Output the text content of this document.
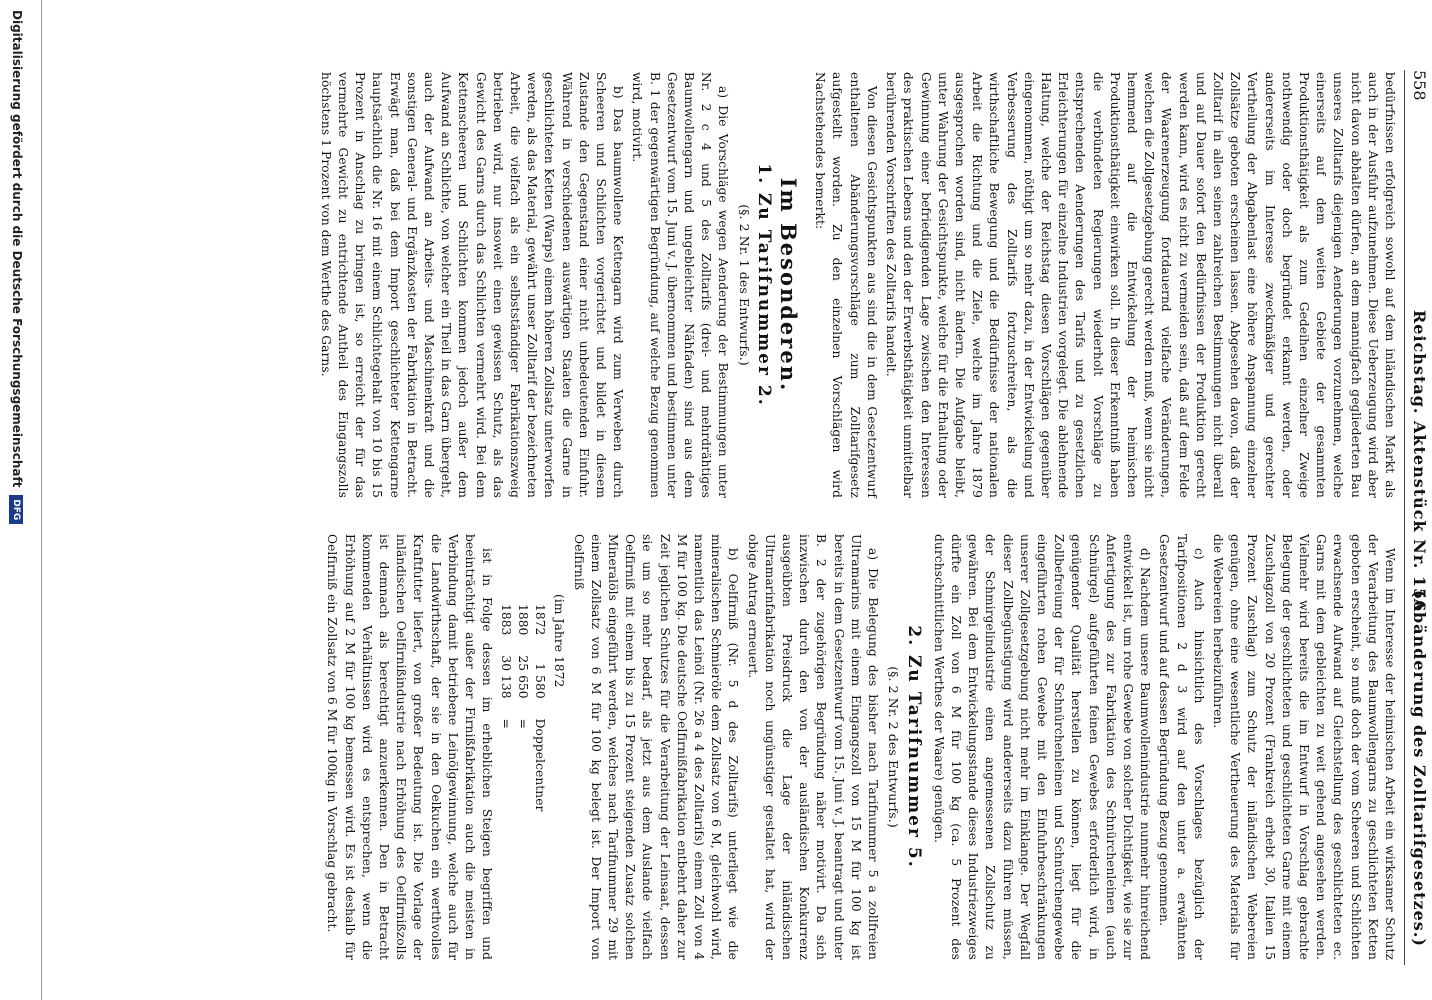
558
Reichstag. Aktenstück Nr. 156.
(Abänderung des Zolltarifgesetzes.)

bedürfnissen erfolgreich sowohl auf dem inländischen Markt als auch in der Ausfuhr aufzunehmen. Diese Ueberzeugung wird aber nicht davon abhalten dürfen, an dem mannigfach gegliederten Bau unseres Zolltarifs diejenigen Aenderungen vorzunehmen, welche einerseits auf dem weiten Gebiete der gesammten Produktionsthätigkeit als zum Gedeihen einzelner Zweige nothwendig oder doch begründet erkannt werden, oder andererseits im Interesse zweckmäßiger und gerechter Vertheilung der Abgabenlast eine höhere Anspannung einzelner Zollsätze geboten erscheinen lassen. Abgesehen davon, daß der Zolltarif in allen seinen zahlreichen Bestimmungen nicht überall und auf Dauer sofort den Bedürfnissen der Produktion gerecht werden kann, wird es nicht zu vermeiden sein, daß auf dem Felde der Waarenerzeugung fortdauernd vielfache Veränderungen, welchen die Zollgesetzgebung gerecht werden muß, wenn sie nicht hemmend auf die Entwickelung der heimischen Produktionsthätigkeit einwirken soll. In dieser Erkenntniß haben die verbündeten Regierungen wiederholt Vorschläge zu entsprechenden Aenderungen des Tarifs und zu gesetzlichen Erleichterungen für einzelne Industrien vorgelegt. Die ablehnende Haltung, welche der Reichstag diesen Vorschlägen gegenüber eingenommen, nöthigt um so mehr dazu, in der Entwickelung und Verbesserung des Zolltarifs fortzuschreiten, als die wirthschaftliche Bewegung und die Bedürfnisse der nationalen Arbeit die Richtung und die Ziele, welche im Jahre 1879 ausgesprochen worden sind, nicht ändern. Die Aufgabe bleibt, unter Wahrung der Gesichtspunkte, welche für die Erhaltung oder Gewinnung einer befriedigenden Lage zwischen den Interessen des praktischen Lebens und den der Erwerbsthätigkeit unmittelbar berührenden Vorschriften des Zolltarifs handelt.

Von diesen Gesichtspunkten aus sind die in dem Gesetzentwurf enthaltenen Abänderungsvorschläge zum Zolltarifgesetz aufgestellt worden. Zu den einzelnen Vorschlägen wird Nachstehendes bemerkt:

Im Besonderen.
1. Zu Tarifnummer 2.
(§. 2 Nr. 1 des Entwurfs.)

a) Die Vorschläge wegen Aenderung der Bestimmungen unter Nr. 2 c 4 und 5 des Zolltarifs (drei- und mehrdrähtiges Baumwollengarn und ungebleichter Nähfaden) sind aus dem Gesetzentwurf vom 15. Juni v. J. übernommen und bestimmen unter B. 1 der gegenwärtigen Begründung, auf welche Bezug genommen wird, motivirt.

b) Das baumwollene Kettengarn wird zum Verweben durch Scheeren und Schlichten vorgerichtet und bildet in diesem Zustande den Gegenstand einer nicht unbedeutenden Einfuhr. Während in verschiedenen auswärtigen Staaten die Garne in geschlichteten Ketten (Warps) einem höheren Zollsatz unterworfen werden, als das Material, gewährt unser Zolltarif der bezeichneten Arbeit, die vielfach als ein selbstständiger Fabrikationszweig betrieben wird, nur insoweit einen gewissen Schutz, als das Gewicht des Garns durch das Schlichten vermehrt wird. Bei dem Kettenscheeren und Schlichten kommen jedoch außer dem Aufwand an Schlichte, von welcher ein Theil in das Garn übergeht, auch der Aufwand an Arbeits- und Maschinenkraft und die sonstigen General- und Ergänzkosten der Fabrikation in Betracht. Erwägt man, daß bei dem Import geschlichteter Kettengarne hauptsächlich die Nr. 16 mit einem Schlichtegehalt von 10 bis 15 Prozent in Anschlag zu bringen ist, so erreicht der für das vermehrte Gewicht zu entrichtende Antheil des Eingangszolls höchstens 1 Prozent von dem Werthe des Garns.

Wenn im Interesse der heimischen Arbeit ein wirksamer Schutz der Verarbeitung des Baumwollengarns zu geschlichteten Ketten geboten erscheint, so muß doch der vom Scheeren und Schlichten erwachsende Aufwand auf Gleichstellung des geschlichteten ec. Garns mit dem gebleichten zu weit gehend angesehen werden. Vielmehr wird bereits die im Entwurf in Vorschlag gebrachte Belegung der geschlichteten und geschlichteten Garne mit einem Zuschlagzoll von 20 Prozent (Frankreich erhebt 30, Italien 15 Prozent Zuschlag) zum Schutz der inländischen Webereien genügen, ohne eine wesentliche Vertheuerung des Materials für die Webereien herbeizuführen.

c) Auch hinsichtlich des Vorschlages bezüglich der Tarifpositionen 2 d 3 wird auf den unter a. erwähnten Gesetzentwurf und auf dessen Begründung Bezug genommen.

d) Nachdem unsere Baumwollenindustrie nunmehr hinreichend entwickelt ist, um rohe Gewebe von solcher Dichtigkeit, wie sie zur Anfertigung des zur Fabrikation des Schnürchenleinen (auch Schnürgel) aufgeführten feinen Gewebes erforderlich wird, in genügender Qualität herstellen zu können, liegt für die Zollbefreiung der für Schnürchenleinen und Schnürchengewebe eingeführten rohen Gewebe mit den Einfuhrbeschränkungen unserer Zollgesetzgebung nicht mehr im Einklange. Der Wegfall dieser Zollbegünstigung wird andererseits dazu führen müssen, der Schmirgelindustrie einen angemessenen Zollschutz zu gewähren. Bei dem Entwickelungsstande dieses Industriezweiges dürfte ein Zoll von 6 M für 100 kg (ca. 5 Prozent des durchschnittlichen Werthes der Waare) genügen.

2. Zu Tarifnummer 5.
(§. 2 Nr. 2 des Entwurfs.)

a) Die Belegung des bisher nach Tarifnummer 5 a zollfreien Ultramarins mit einem Eingangszoll von 15 M für 100 kg ist bereits in dem Gesetzentwurf vom 15. Juni v. J. beantragt und unter B. 2 der zugehörigen Begründung näher motivirt. Da sich inzwischen durch den von der ausländischen Konkurrenz ausgeübten Preisdruck die Lage der inländischen Ultramarinfabrikation noch ungünstiger gestaltet hat, wird der obige Antrag erneuert.

b) Oelfirniß (Nr. 5 d des Zolltarifs) unterliegt wie die mineralischen Schmieröle dem Zollsatz von 6 M, gleichwohl wird, namentlich das Leinöl (Nr. 26 a 4 des Zolltarifs) einem Zoll von 4 M für 100 kg. Die deutsche Oelfirnißfabrikation entbehrt daher zur Zeit jeglichen Schutzes für die Verarbeitung der Leinsaat, dessen sie um so mehr bedarf, als jetzt aus dem Auslande vielfach Oelfirniß mit einem bis zu 15 Prozent steigenden Zusatz solchen Mineralöls eingeführt werden, welches nach Tarifnummer 29 mit einem Zollsatz von 6 M für 100 kg belegt ist. Der Import von Oelfirniß

(im Jahre 1872
1872	1 580	Doppelcentner
1880	25 650	=
1883	30 138	=

ist in Folge dessen im erheblichen Steigen begriffen und beeinträchtigt außer der Firnißfabrikation auch die meisten in Verbindung damit betriebene Leinölgewinnung, welche auch für die Landwirthschaft, der sie in den Oelkuchen ein werthvolles Kraftfutter liefert, von großer Bedeutung ist. Die Vorlage der inländischen Oelfirnißindustrie nach Erhöhung des Oelfirnißzolls ist demnach als berechtigt anzuerkennen. Den in Betracht kommenden Verhältnissen wird es entsprechen, wenn die Erhöhung auf 2 M für 100 kg bemessen wird. Es ist deshalb für Oelfirniß ein Zollsatz von 6 M für 100kg in Vorschlag gebracht.

Digitalisierung gefördert durch die Deutsche Forschungsgemeinschaft DFG
